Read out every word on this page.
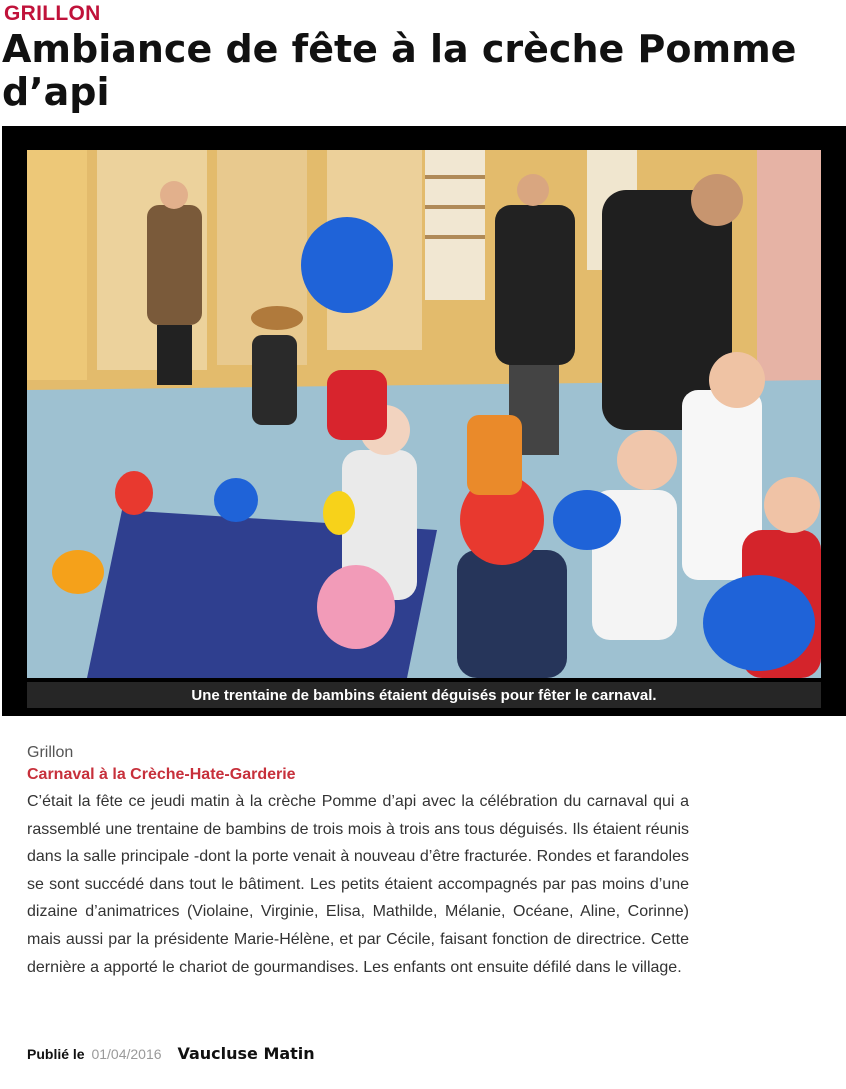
GRILLON
Ambiance de fête à la crèche Pomme d’api
Une trentaine de bambins étaient déguisés pour fêter le carnaval.
Grillon
Carnaval à la Crèche-Hate-Garderie

C’était la fête ce jeudi matin à la crèche Pomme d’api avec la célébration du carnaval qui a rassemblé une trentaine de bambins de trois mois à trois ans tous déguisés. Ils étaient réunis dans la salle principale -dont la porte venait à nouveau d’être fracturée. Rondes et farandoles se sont succédé dans tout le bâtiment. Les petits étaient accompagnés par pas moins d’une dizaine d’animatrices (Violaine, Virginie, Elisa, Mathilde, Mélanie, Océane, Aline, Corinne) mais aussi par la présidente Marie-Hélène, et par Cécile, faisant fonction de directrice. Cette dernière a apporté le chariot de gourmandises. Les enfants ont ensuite défilé dans le village.

Publié le 01/04/2016 Vaucluse Matin
